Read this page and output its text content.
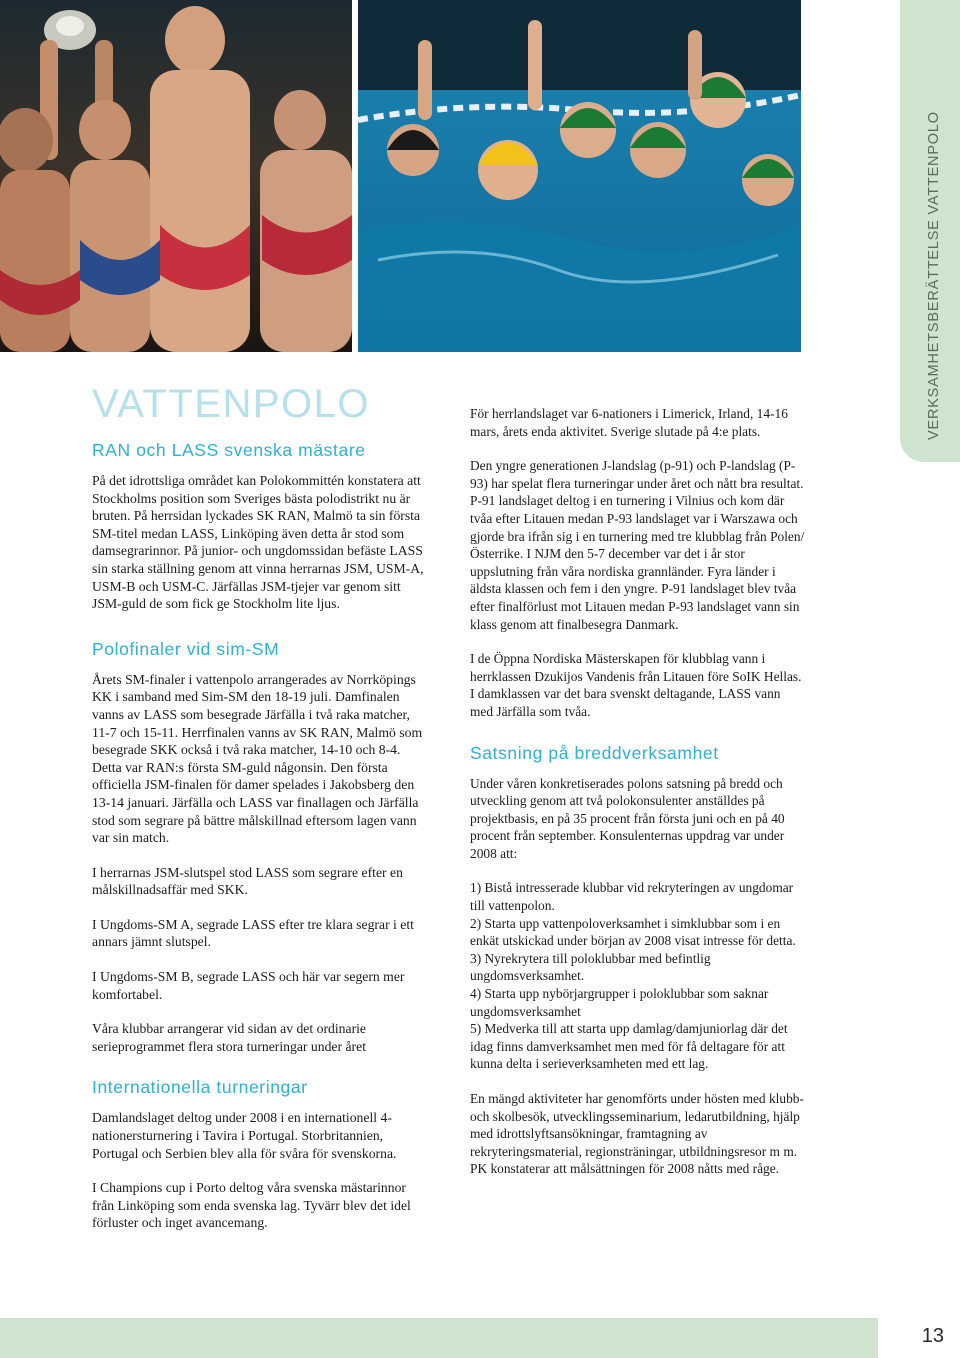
VERKSAMHETSBERÄTTELSE VATTENPOLO
VATTENPOLO
RAN och LASS svenska mästare

På det idrottsliga området kan Polokommittén konstatera att Stockholms position som Sveriges bästa polodistrikt nu är bruten. På herrsidan lyckades SK RAN, Malmö ta sin första SM-titel medan LASS, Linköping även detta år stod som damsegrarinnor. På junior- och ungdomssidan befäste LASS sin starka ställning genom att vinna herrarnas JSM, USM-A, USM-B och USM-C. Järfällas JSM-tjejer var genom sitt JSM-guld de som fick ge Stockholm lite ljus.

Polofinaler vid sim-SM

Årets SM-finaler i vattenpolo arrangerades av Norrköpings KK i samband med Sim-SM den 18-19 juli. Damfinalen vanns av LASS som besegrade Järfälla i två raka matcher, 11-7 och 15-11. Herrfinalen vanns av SK RAN, Malmö som besegrade SKK också i två raka matcher, 14-10 och 8-4. Detta var RAN:s första SM-guld någonsin. Den första officiella JSM-finalen för damer spelades i Jakobsberg den 13-14 januari. Järfälla och LASS var finallagen och Järfälla stod som segrare på bättre målskillnad eftersom lagen vann var sin match.

I herrarnas JSM-slutspel stod LASS som segrare efter en målskillnadsaffär med SKK.

I Ungdoms-SM A, segrade LASS efter tre klara segrar i ett annars jämnt slutspel.

I Ungdoms-SM B, segrade LASS och här var segern mer komfortabel.

Våra klubbar arrangerar vid sidan av det ordinarie serieprogrammet flera stora turneringar under året

Internationella turneringar

Damlandslaget deltog under 2008 i en internationell 4-nationersturnering i Tavira i Portugal. Storbritannien, Portugal och Serbien blev alla för svåra för svenskorna.

I Champions cup i Porto deltog våra svenska mästarinnor från Linköping som enda svenska lag. Tyvärr blev det idel förluster och inget avancemang.

För herrlandslaget var 6-nationers i Limerick, Irland, 14-16 mars, årets enda aktivitet. Sverige slutade på 4:e plats.

Den yngre generationen J-landslag (p-91) och P-landslag (P-93) har spelat flera turneringar under året och nått bra resultat. P-91 landslaget deltog i en turnering i Vilnius och kom där tvåa efter Litauen medan P-93 landslaget var i Warszawa och gjorde bra ifrån sig i en turnering med tre klubblag från Polen/Österrike. I NJM den 5-7 december var det i år stor uppslutning från våra nordiska grannländer. Fyra länder i äldsta klassen och fem i den yngre. P-91 landslaget blev tvåa efter finalförlust mot Litauen medan P-93 landslaget vann sin klass genom att finalbesegra Danmark.

I de Öppna Nordiska Mästerskapen för klubblag vann i herrklassen Dzukijos Vandenis från Litauen före SoIK Hellas. I damklassen var det bara svenskt deltagande, LASS vann med Järfälla som tvåa.

Satsning på breddverksamhet

Under våren konkretiserades polons satsning på bredd och utveckling genom att två polokonsulenter anställdes på projektbasis, en på 35 procent från första juni och en på 40 procent från september. Konsulenternas uppdrag var under 2008 att:

1) Bistå intresserade klubbar vid rekryteringen av ungdomar till vattenpolon.
2) Starta upp vattenpoloverksamhet i simklubbar som i en enkät utskickad under början av 2008 visat intresse för detta.
3) Nyrekrytera till poloklubbar med befintlig ungdomsverksamhet.
4) Starta upp nybörjargrupper i poloklubbar som saknar ungdomsverksamhet
5) Medverka till att starta upp damlag/damjuniorlag där det idag finns damverksamhet men med för få deltagare för att kunna delta i serieverksamheten med ett lag.

En mängd aktiviteter har genomförts under hösten med klubb- och skolbesök, utvecklingsseminarium, ledarutbildning, hjälp med idrottslyftsansökningar, framtagning av rekryteringsmaterial, regionsträningar, utbildningsresor m m. PK konstaterar att målsättningen för 2008 nåtts med råge.

13
